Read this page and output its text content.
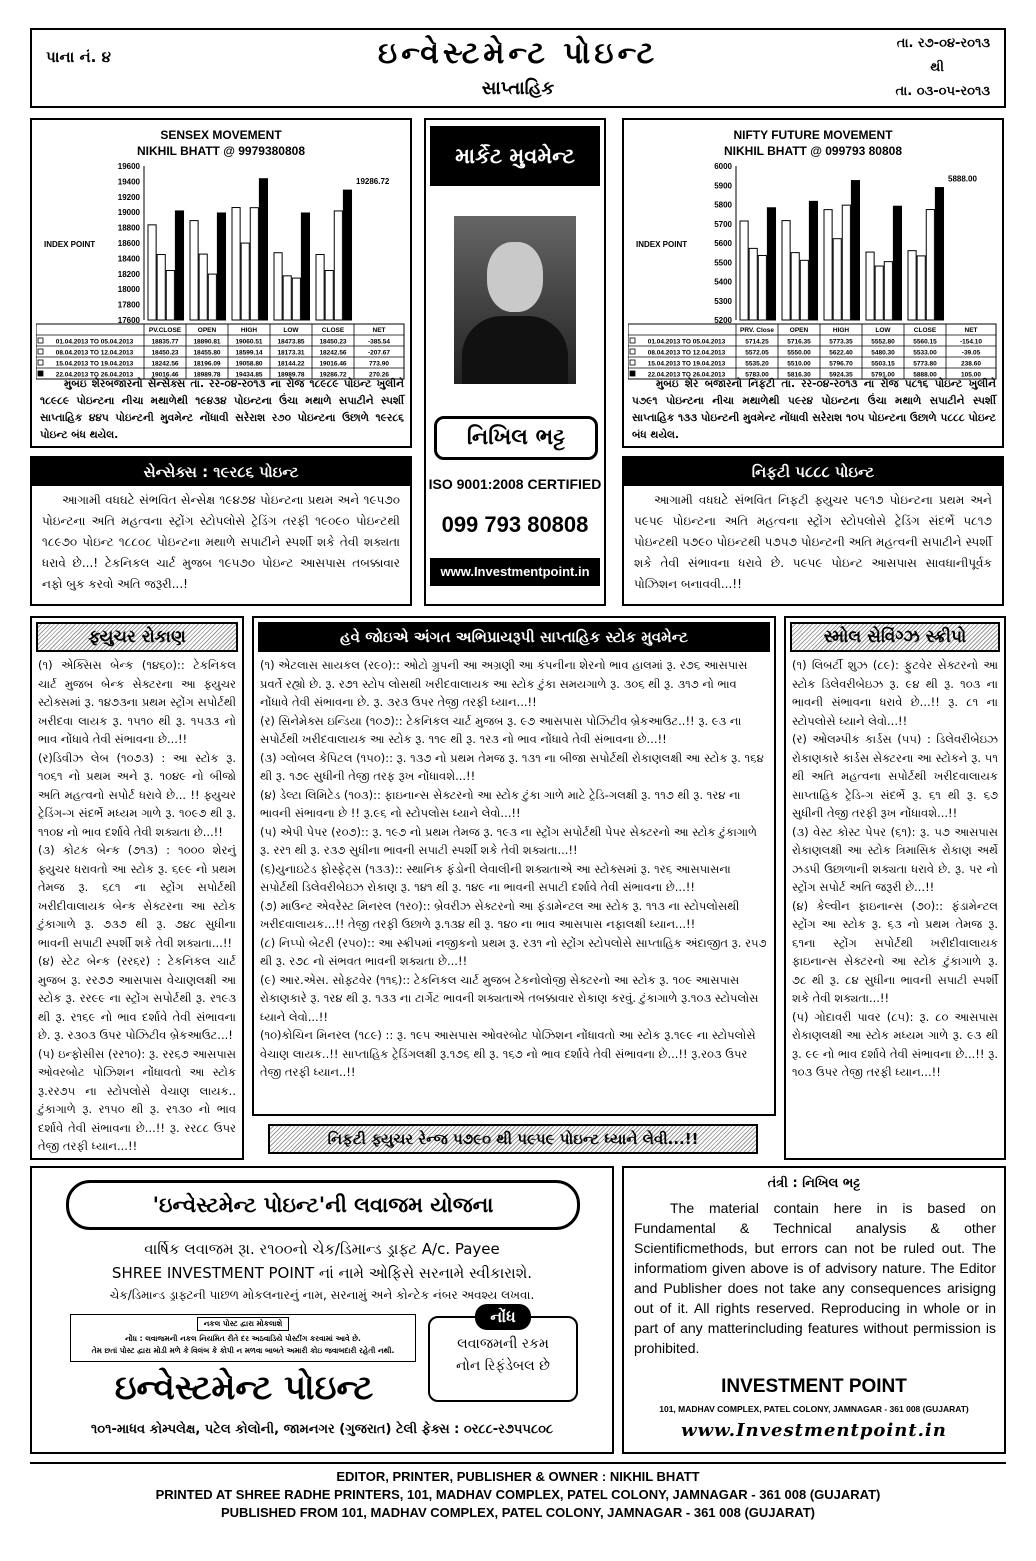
પાના નં. ૪	ઇન્વેસ્ટમેન્ટ પોઇન્ટ
સાપ્તાહિક
તા. ર૭-૦૪-ર૦૧૩
થી
તા. ૦૩-૦૫-ર૦૧૩
SENSEX MOVEMENT
NIKHIL BHATT @ 9979380808
INDEX POINT
17600
17800
18000
18200
18400
18600
18800
19000
19200
19400
19600
19286.72
PV.CLOSE	OPEN	HIGH	LOW	CLOSE	NET
01.04.2013 TO 05.04.2013	18835.77 18890.81 19060.51 18473.85 18450.23	-385.54
08.04.2013 TO 12.04.2013	18450.23 18455.80 18599.14 18173.31 18242.56	-207.67
15.04.2013 TO 19.04.2013	18242.56 18196.09 19058.80 18144.22 19016.46	773.90
22.04.2013 TO 26.04.2013	19016.46 18989.78 19434.85 18989.78 19286.72	270.26
મુંબઇ શેરબજારનો સેન્સેક્સ તા. રર-૦૪-ર૦૧૩ ના રોજ ૧૮૯૮૯ પોઇન્ટ ખુલીને ૧૮૯૮૯ પોઇન્ટના નીચા મથાળેથી ૧૯૪૩૪ પોઇન્ટના ઉંચા મથાળે સપાટીને સ્પર્શી સાપ્તાહિક ૪૪૫ પોઇન્ટની મુવમેન્ટ નોંધાવી સરેરાશ ર૭૦ પોઇન્ટના ઉછાળે ૧૯ર૮૬ પોઇન્ટ બંધ થયેલ.
NIFTY FUTURE MOVEMENT
NIKHIL BHATT @ 099793 80808
INDEX POINT
5200
5300
5400
5500
5600
5700
5800
5900
6000
5888.00
PRV. Close OPEN	HIGH	LOW	CLOSE	NET
01.04.2013 TO 05.04.2013	5714.25	5716.35	5773.35	5552.80	5560.15	-154.10
08.04.2013 TO 12.04.2013	5572.05	5550.00	5622.40	5480.30	5533.00	-39.05
15.04.2013 TO 19.04.2013	5535.20	5510.00	5796.70	5503.15	5773.80	238.60
22.04.2013 TO 26.04.2013	5783.00	5816.30	5924.35	5791.00	5888.00	105.00
મુંબઇ શેર બજારનો નિફટી તા. રર-૦૪-ર૦૧૩ ના રોજ પ૮૧૬ પોઇન્ટ ખુલીને પ૭૯૧ પોઇન્ટના નીચા મથાળેથી પ૯ર૪ પોઇન્ટના ઉંચા મથાળે સપાટીને સ્પર્શી સાપ્તાહિક ૧૩૩ પોઇન્ટની મુવમેન્ટ નોંધાવી સરેરાશ ૧૦૫ પોઇન્ટના ઉછાળે પ૮૮૮ પોઇન્ટ બંધ થયેલ.
માર્કેટ મુવમેન્ટ
નિખિલ ભટ્ટ
ISO 9001:2008 CERTIFIED
099 793 80808
www.Investmentpoint.in
સેન્સેક્સ : ૧૯ર૮૬ પોઇન્ટ
આગામી વધઘટે સંભવિત સેન્સેક્ષ ૧૯૪૭૪ પોઇન્ટના પ્રથમ અને ૧૯૫૭૦ પોઇન્ટના અતિ મહત્વના સ્ટ્રોંગ સ્ટોપલોસે ટ્રેડિંગ તરફી ૧૯૦૯૦ પોઇન્ટથી ૧૮૯૭૦ પોઇન્ટ ૧૮૮૦૮ પોઇન્ટના મથાળે સપાટીને સ્પર્શી શકે તેવી શક્યતા ધરાવે છે...! ટેકનિકલ ચાર્ટ મુજબ ૧૯૫૭૦ પોઇન્ટ આસપાસ તબક્કાવાર નફો બુક કરવો અતિ જરૂરી...!
નિફટી પ૮૮૮ પોઇન્ટ
આગામી વધઘટે સંભવિત નિફટી ફ્યુચર પ૯૧૭ પોઇન્ટના પ્રથમ અને પ૯પ૯ પોઇન્ટના અતિ મહત્વના સ્ટ્રોંગ સ્ટોપલોસે ટ્રેડિંગ સંદર્ભે પ૮૧૭ પોઇન્ટથી પ૭૯૦ પોઇન્ટથી પ૭૫૭ પોઇન્ટની અતિ મહત્વની સપાટીને સ્પર્શી શકે તેવી સંભાવના ધરાવે છે. પ૯પ૯ પોઇન્ટ આસપાસ સાવધાનીપૂર્વક પોઝિશન બનાવવી...!!
ફ્યુચર રોકાણ

(૧) એક્સિસ બેન્ક (૧૪૬૦):: ટેકનિકલ ચાર્ટ મુજબ બેન્ક સેક્ટરના આ ફ્યુચર સ્ટોક્સમાં રૂ. ૧૪૭૩ના પ્રથમ સ્ટ્રોંગ સપોર્ટથી ખરીદવા લાયક રૂ. ૧૫૧૦ થી રૂ. ૧૫૩૩ નો ભાવ નોંધાવે તેવી સંભાવના છે...!!

(ર)ડિવીઝ લેબ (૧૦૭૩) : આ સ્ટોક રૂ. ૧૦૬૧ નો પ્રથમ અને રૂ. ૧૦૪૯ નો બીજો અતિ મહત્વનો સપોર્ટ ધરાવે છે... !! ફ્યુચર ટ્રેડિંગ-ગ સંદર્ભે મધ્યમ ગાળે રૂ. ૧૦૯૭ થી રૂ. ૧૧૦૪ નો ભાવ દર્શાવે તેવી શક્યતા છે...!!

(૩) કોટક બેન્ક (૭૧૩) : ૧૦૦૦ શેરનું ફ્યુચર ધરાવતો આ સ્ટોક રૂ. ૬૯૯ નો પ્રથમ તેમજ રૂ. ૬૮૧ ના સ્ટ્રોંગ સપોર્ટથી ખરીદીવાલાયક બેન્ક સેક્ટરના આ સ્ટોક ટુંકાગાળે રૂ. ૭૩૭ થી રૂ. ૭૪૮ સુધીના ભાવની સપાટી સ્પર્શી શકે તેવી શક્યતા...!!

(૪) સ્ટેટ બેન્ક (રર૬ર) : ટેકનિકલ ચાર્ટ મુજબ રૂ. રર૭૭ આસપાસ વેચાણલક્ષી આ સ્ટોક રૂ. રર૯૯ ના સ્ટ્રોંગ સપોર્ટથી રૂ. ર૧૯૩ થી રૂ. ર૧૬૯ નો ભાવ દર્શાવે તેવી સંભાવના છે. રૂ. ર૩૦૩ ઉપર પોઝિટીવ બ્રેકઆઉટ...!

(પ) ઇન્ફોસીસ (રર૧૦): રૂ. રર૬૭ આસપાસ ઓવરબોટ પોઝિશન નોંધાવતો આ સ્ટોક રૂ.રર૭૫ ના સ્ટોપલોસે વેચાણ લાયક.. ટુંકાગાળે રૂ. ર૧૫૦ થી રૂ. ર૧૩૦ નો ભાવ દર્શાવે તેવી સંભાવના છે...!! રૂ. રર૮૮ ઉપર તેજી તરફી ધ્યાન...!!

હવે જોઇએ અંગત અભિપ્રાયરૂપી સાપ્તાહિક સ્ટોક મુવમેન્ટ

(૧) એટલાસ સાયકલ (ર૯૦):: ઓટો ગ્રુપની આ અગ્રણી આ કંપનીના શેરનો ભાવ હાલમાં રૂ. ર૭૬ આસપાસ પ્રવર્તે રહ્યો છે. રૂ. ર૭૧ સ્ટોપ લોસથી ખરીદવાલાયક આ સ્ટોક ટુંકા સમયગાળે રૂ. ૩૦૬ થી રૂ. ૩૧૭ નો ભાવ નોંધાવે તેવી સંભાવના છે. રૂ. ૩ર૩ ઉપર તેજી તરફી ધ્યાન...!!

(ર) સિનેમેક્સ ઇન્ડિયા (૧૦૭):: ટેકનિકલ ચાર્ટ મુજબ રૂ. ૯૭ આસપાસ પોઝિટીવ બ્રેકઆઉટ..!! રૂ. ૯૩ ના સપોર્ટથી ખરીદવાલાયક આ સ્ટોક રૂ. ૧૧૯ થી રૂ. ૧ર૩ નો ભાવ નોંધાવે તેવી સંભાવના છે...!!

(૩) ગ્લોબલ કેપિટલ (૧૫૦):: રૂ. ૧૩૭ નો પ્રથમ તેમજ રૂ. ૧૩૧ ના બીજા સપોર્ટથી રોકાણલક્ષી આ સ્ટોક રૂ. ૧૬૪ થી રૂ. ૧૭૯ સુધીની તેજી તરફ રૂખ નોંધાવશે...!!

(૪) ડેલ્ટા લિમિટેડ (૧૦૩):: ફાઇનાન્સ સેક્ટરનો આ સ્ટોક ટુંકા ગાળે માટે ટ્રેડિ-ગલક્ષી રૂ. ૧૧૭ થી રૂ. ૧ર૪ ના ભાવની સંભાવના છે !! રૂ.૯૬ નો સ્ટોપલોસ ધ્યાને લેવો...!!

(પ) એપી પેપર (ર૦૭):: રૂ. ૧૯૭ નો પ્રથમ તેમજ રૂ. ૧૯૩ ના સ્ટ્રોંગ સપોર્ટથી પેપર સેક્ટરનો આ સ્ટોક ટુંકાગાળે રૂ. રર૧ થી રૂ. ર૩૭ સુધીના ભાવની સપાટી સ્પર્શી શકે તેવી શક્યતા...!!

(૬)યુનાઇટેડ ફોસ્ફેટ્સ (૧૩૩):: સ્થાનિક ફંડોની લેવાલીની શક્યતાએ આ સ્ટોક્સમાં રૂ. ૧ર૬ આસપાસના સપોર્ટથી ડિલેવરીબેઇઝ રોકાણ રૂ. ૧૪૧ થી રૂ. ૧૪૯ ના ભાવની સપાટી દર્શાવે તેવી સંભાવના છે...!!

(૭) માઉન્ટ એવરેસ્ટ મિનરલ (૧ર૦):: બ્રેવરીઝ સેક્ટરનો આ ફંડામેન્ટલ આ સ્ટોક રૂ. ૧૧૩ ના સ્ટોપલોસથી ખરીદવાલાયક...!! તેજી તરફી ઉછાળે રૂ.૧૩૪ થી રૂ. ૧૪૦ ના ભાવ આસપાસ નફાલક્ષી ધ્યાન...!!

(૮) નિપ્પો બેટરી (ર૫૦):: આ સ્ક્રીપમાં નજીકનો પ્રથમ રૂ. ર૩૧ નો સ્ટ્રોંગ સ્ટોપલોસે સાપ્તાહિક અંદાજીત રૂ. ર૫૭ થી રૂ. ર૭૮ નો સંભવત ભાવની શક્યતા છે...!!

(૯) આર.એસ. સોફ્ટવેર (૧૧૬):: ટેકનિકલ ચાર્ટ મુજબ ટેકનોલોજી સેક્ટરનો આ સ્ટોક રૂ. ૧૦૯ આસપાસ રોકાણકારે રૂ. ૧ર૪ થી રૂ. ૧૩૩ ના ટાર્ગેટ ભાવની શક્યતાએ તબક્કાવાર રોકાણ કરવું. ટુંકાગાળે રૂ.૧૦૩ સ્ટોપલોસ ધ્યાને લેવો...!!

(૧૦)કોચિન મિનરલ (૧૮૯) :: રૂ. ૧૯૫ આસપાસ ઓવરબોટ પોઝિશન નોંધાવતો આ સ્ટોક રૂ.૧૯૯ ના સ્ટોપલોસે વેચાણ લાયક..!! સાપ્તાહિક ટ્રેડિંગલક્ષી રૂ.૧૭૬ થી રૂ. ૧૬૭ નો ભાવ દર્શાવે તેવી સંભાવના છે...!! રૂ.ર૦૩ ઉપર તેજી તરફી ધ્યાન..!!

નિફટી ફ્યુચર રેન્જ પ૭૯૦ થી પ૯પ૯ પોઇન્ટ ધ્યાને લેવી...!!
સ્મોલ સેવિંગ્ઝ સ્ક્રીપો

(૧) લિબર્ટી શુઝ (૮૯): ફુટવેર સેક્ટરનો આ સ્ટોક ડિલેવરીબેઇઝ રૂ. ૯૪ થી રૂ. ૧૦૩ ના ભાવની સંભાવના ધરાવે છે...!! રૂ. ૮૧ ના સ્ટોપલોસે ધ્યાને લેવો...!!

(ર) ઓલમ્પીક કાર્ડસ (૫૫) : ડિલેવરીબેઇઝ રોકાણકારે કાર્ડસ સેક્ટરના આ સ્ટોકને રૂ. ૫૧ થી અતિ મહત્વના સપોર્ટથી ખરીદવાલાયક સાપ્તાહિક ટ્રેડિ-ગ સંદર્ભે રૂ. ૬૧ થી રૂ. ૬૭ સુધીની તેજી તરફી રૂખ નોંધાવશે...!!

(૩) વેસ્ટ કોસ્ટ પેપર (૬૧): રૂ. ૫૭ આસપાસ રોકાણલક્ષી આ સ્ટોક ત્રિમાસિક રોકાણ અર્થે ઝડપી ઉછાળાની શક્યતા ધરાવે છે. રૂ. પર નો સ્ટ્રોંગ સપોર્ટ અતિ જરૂરી છે...!!

(૪) કેલ્વીન ફાઇનાન્સ (૭૦):: ફંડામેન્ટલ સ્ટ્રોંગ આ સ્ટોક રૂ. ૬૩ નો પ્રથમ તેમજ રૂ. ૬૧ના સ્ટ્રોંગ સપોર્ટથી ખરીદીવાલાયક ફાઇનાન્સ સેક્ટરનો આ સ્ટોક ટુંકાગાળે રૂ. ૭૮ થી રૂ. ૮૪ સુધીના ભાવની સપાટી સ્પર્શી શકે તેવી શક્યતા...!!

(પ) ગોદાવરી પાવર (૮૫): રૂ. ૮૦ આસપાસ રોકાણલક્ષી આ સ્ટોક મધ્યમ ગાળે રૂ. ૯૩ થી રૂ. ૯૯ નો ભાવ દર્શાવે તેવી સંભાવના છે...!! રૂ. ૧૦૩ ઉપર તેજી તરફી ધ્યાન...!!

'ઇન્વેસ્ટમેન્ટ પોઇન્ટ'ની લવાજમ યોજના
વાર્ષિક લવાજમ રૂા. ર૧૦૦નો ચેક/ડિમાન્ડ ડ્રાફ્ટ A/c. Payee
SHREE INVESTMENT POINT નાં નામે ઓફિસે સરનામે સ્વીકારાશે.
ચેક/ડિમાન્ડ ડ્રાફ્ટની પાછળ મોકલનારનું નામ, સરનામું અને કોન્ટેક નંબર અવશ્ય લખવા.
નકલ પોસ્ટ દ્વારા મોકલાશે
નોંધ : લવાજમની નકલ નિયમિત રીતે દર અઠવાડિયે પોસ્ટીંગ કરવામાં આવે છે.
તેમ છતાં પોસ્ટ દ્વારા મોડી મળે કે વિલંબ કે કોપી ન મળવા બાબતે અમારી કોઇ જવાબદારી રહેતી નથી.
નોંધ
લવાજમની રકમ
નોન રિફંડેબલ છે
ઇન્વેસ્ટમેન્ટ પોઇન્ટ
૧૦૧-માધવ કોમ્પલેક્ષ, પટેલ કોલોની, જામનગર (ગુજરાત) ટેલી ફેક્સ : ૦ર૮૮-ર૭૫૫૮૦૮
તંત્રી : નિખિલ ભટ્ટ
The material contain here in is based on Fundamental & Technical analysis & other Scientificmethods, but errors can not be ruled out. The informatiom given above is of advisory nature. The Editor and Publisher does not take any consequences arisigng out of it. All rights reserved. Reproducing in whole or in part of any matterincluding features without permission is prohibited.
INVESTMENT POINT
101, MADHAV COMPLEX, PATEL COLONY, JAMNAGAR - 361 008 (GUJARAT)
www.Investmentpoint.in
EDITOR, PRINTER, PUBLISHER & OWNER : NIKHIL BHATT
PRINTED AT SHREE RADHE PRINTERS, 101, MADHAV COMPLEX, PATEL COLONY, JAMNAGAR - 361 008 (GUJARAT)
PUBLISHED FROM 101, MADHAV COMPLEX, PATEL COLONY, JAMNAGAR - 361 008 (GUJARAT)
